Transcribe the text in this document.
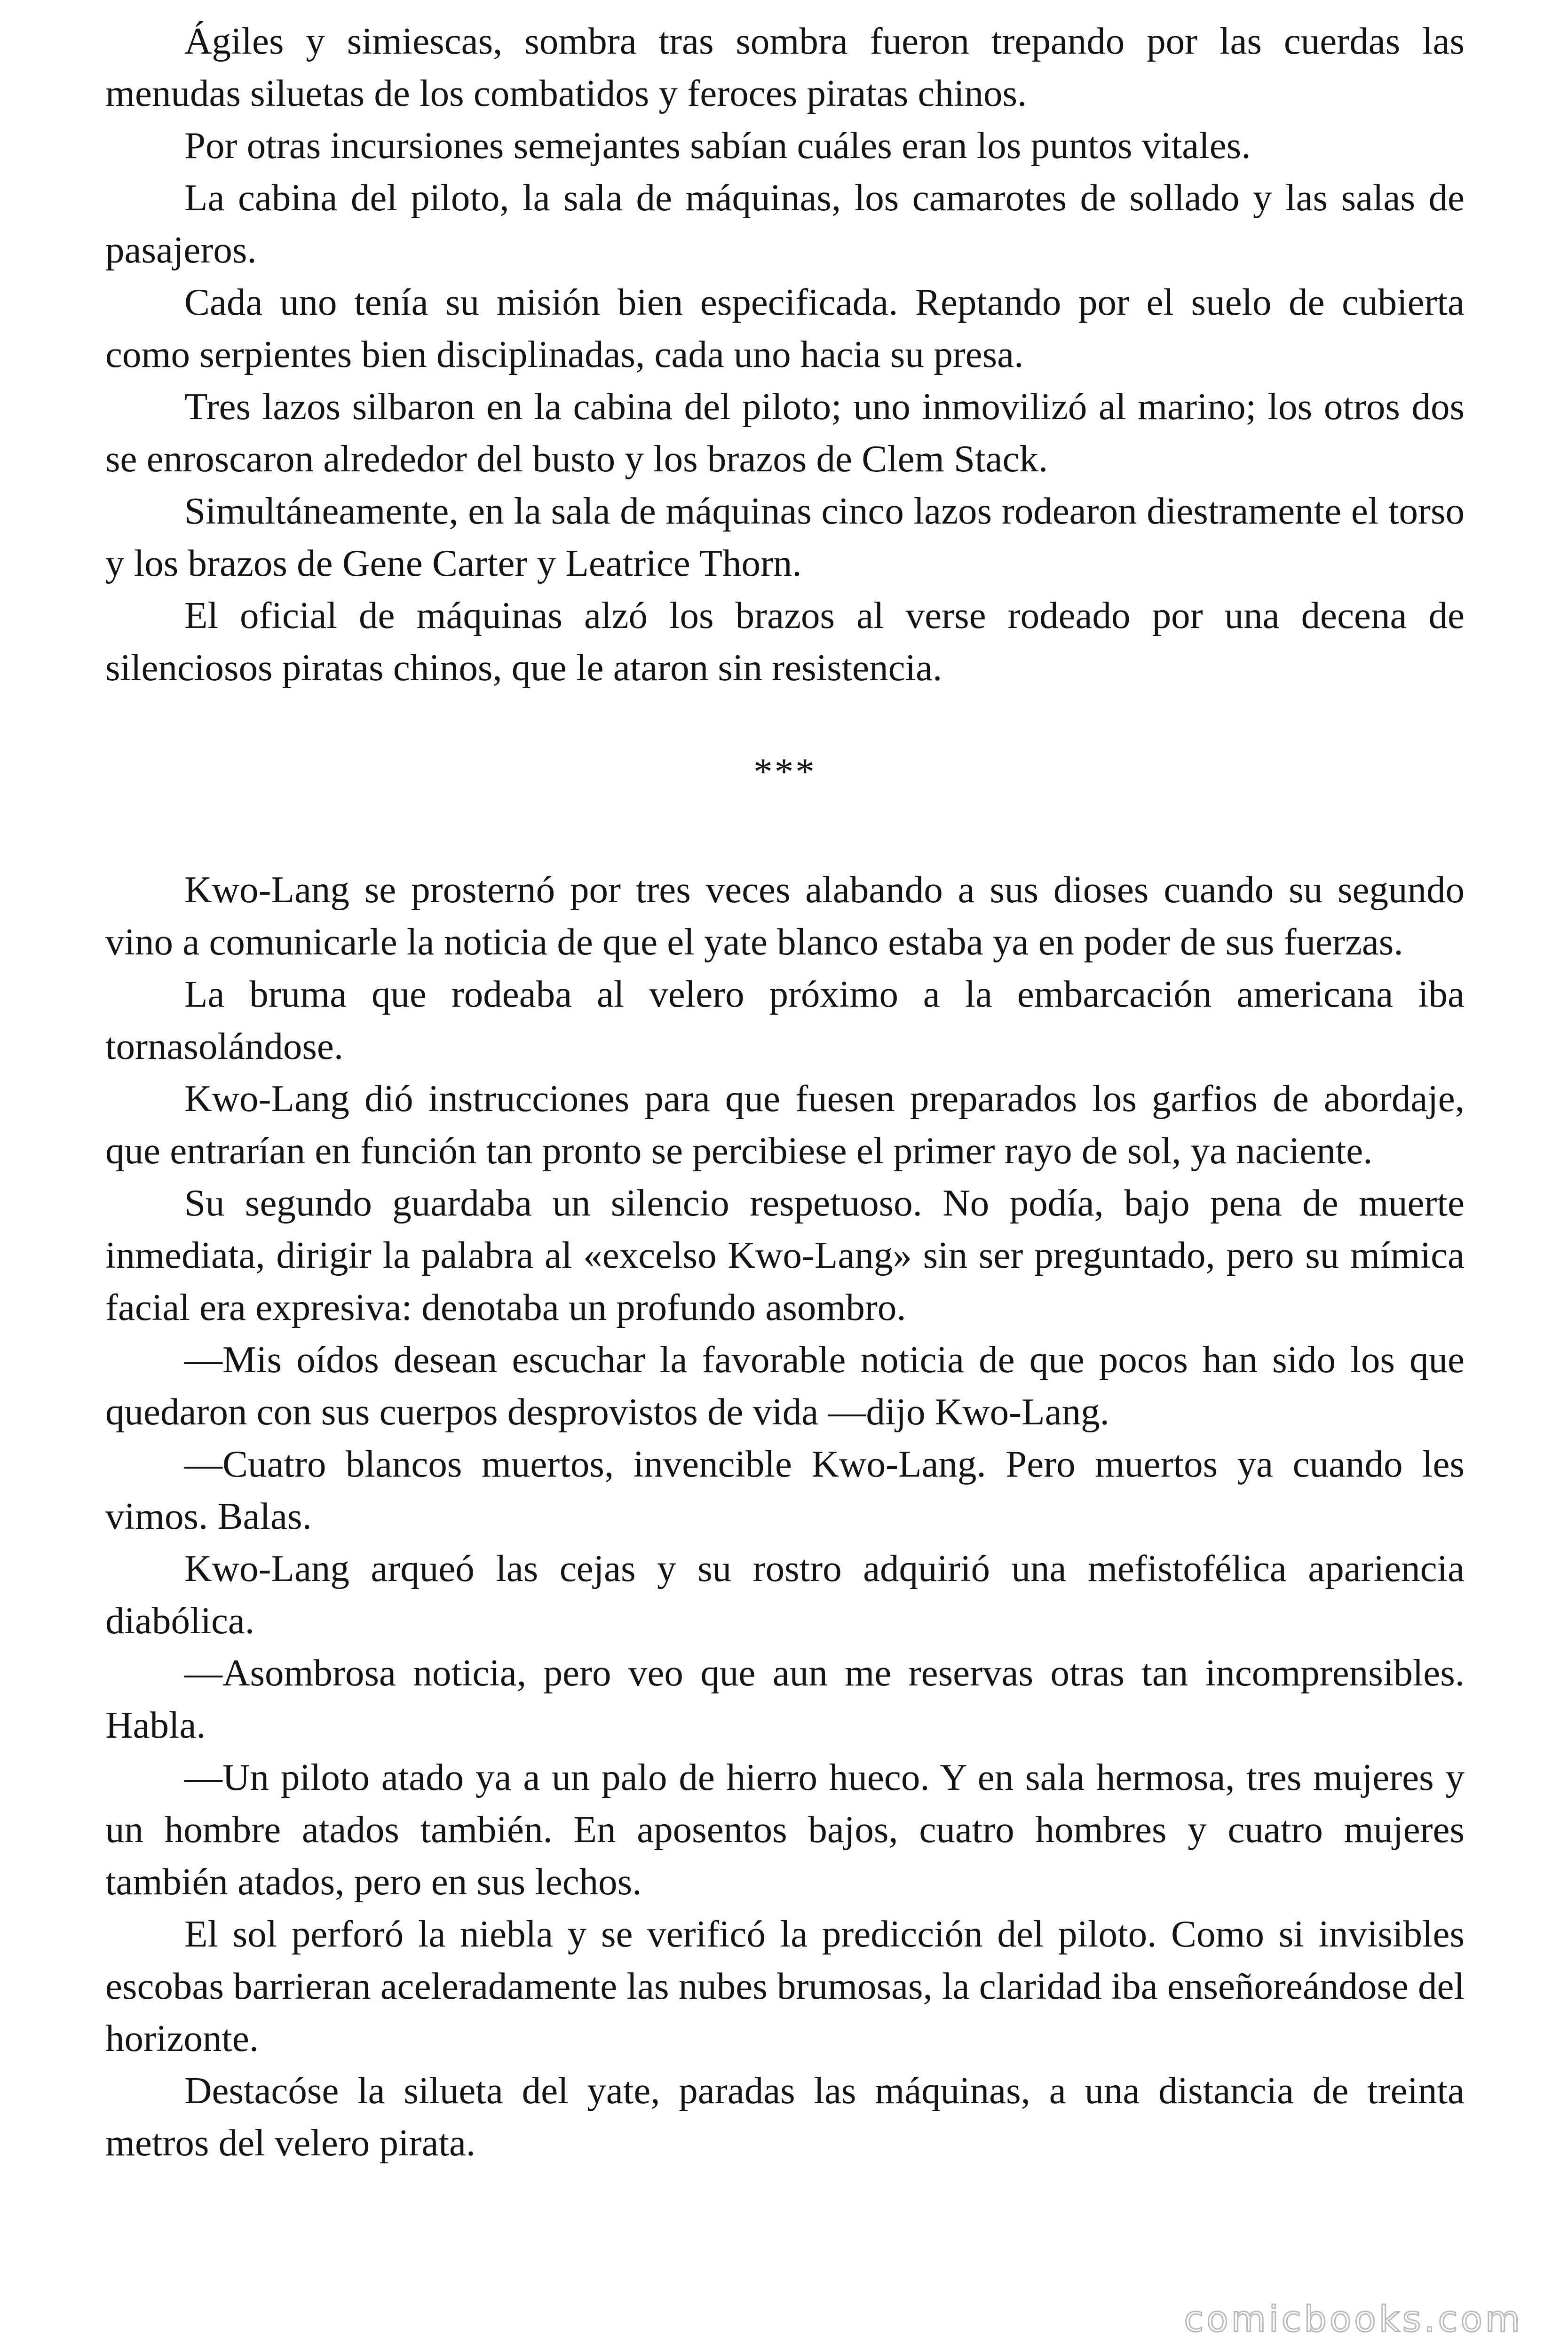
Ágiles y simiescas, sombra tras sombra fueron trepando por las cuerdas las menudas siluetas de los combatidos y feroces piratas chinos.

Por otras incursiones semejantes sabían cuáles eran los puntos vitales.

La cabina del piloto, la sala de máquinas, los camarotes de sollado y las salas de pasajeros.

Cada uno tenía su misión bien especificada. Reptando por el suelo de cubierta como serpientes bien disciplinadas, cada uno hacia su presa.

Tres lazos silbaron en la cabina del piloto; uno inmovilizó al marino; los otros dos se enroscaron alrededor del busto y los brazos de Clem Stack.

Simultáneamente, en la sala de máquinas cinco lazos rodearon diestramente el torso y los brazos de Gene Carter y Leatrice Thorn.

El oficial de máquinas alzó los brazos al verse rodeado por una decena de silenciosos piratas chinos, que le ataron sin resistencia.

***

Kwo-Lang se prosternó por tres veces alabando a sus dioses cuando su segundo vino a comunicarle la noticia de que el yate blanco estaba ya en poder de sus fuerzas.

La bruma que rodeaba al velero próximo a la embarcación americana iba tornasolándose.

Kwo-Lang dió instrucciones para que fuesen preparados los garfios de abordaje, que entrarían en función tan pronto se percibiese el primer rayo de sol, ya naciente.

Su segundo guardaba un silencio respetuoso. No podía, bajo pena de muerte inmediata, dirigir la palabra al «excelso Kwo-Lang» sin ser preguntado, pero su mímica facial era expresiva: denotaba un profundo asombro.

—Mis oídos desean escuchar la favorable noticia de que pocos han sido los que quedaron con sus cuerpos desprovistos de vida —dijo Kwo-Lang.

—Cuatro blancos muertos, invencible Kwo-Lang. Pero muertos ya cuando les vimos. Balas.

Kwo-Lang arqueó las cejas y su rostro adquirió una mefistofélica apariencia diabólica.

—Asombrosa noticia, pero veo que aun me reservas otras tan incomprensibles. Habla.

—Un piloto atado ya a un palo de hierro hueco. Y en sala hermosa, tres mujeres y un hombre atados también. En aposentos bajos, cuatro hombres y cuatro mujeres también atados, pero en sus lechos.

El sol perforó la niebla y se verificó la predicción del piloto. Como si invisibles escobas barrieran aceleradamente las nubes brumosas, la claridad iba enseñoreándose del horizonte.

Destacóse la silueta del yate, paradas las máquinas, a una distancia de treinta metros del velero pirata.

comicbooks.com
